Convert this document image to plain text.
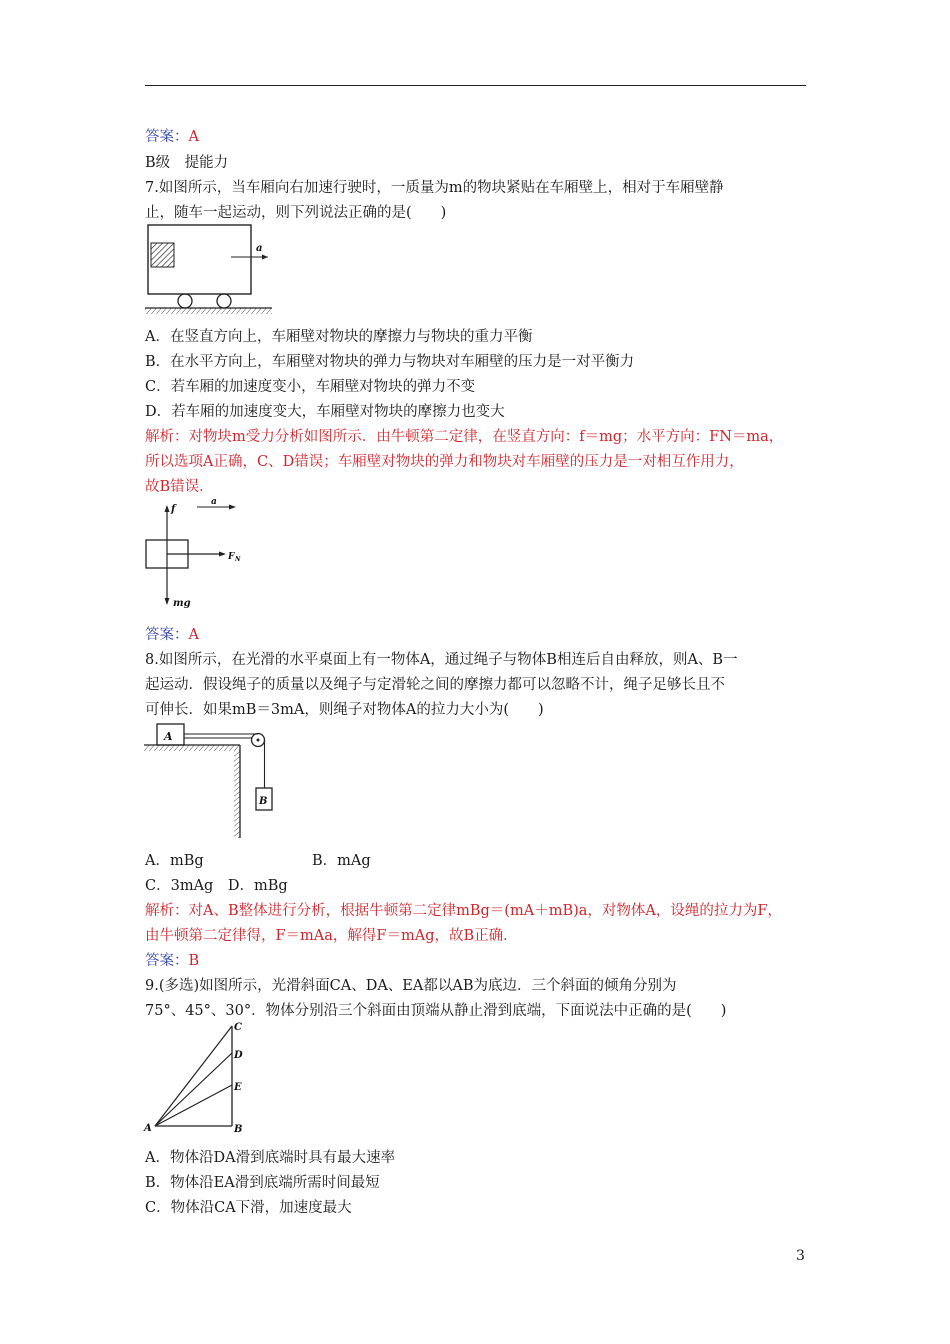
答案：A
B级　提能力
7.如图所示，当车厢向右加速行驶时，一质量为m的物块紧贴在车厢壁上，相对于车厢壁静
止，随车一起运动，则下列说法正确的是(　　)
a
A．在竖直方向上，车厢壁对物块的摩擦力与物块的重力平衡
B．在水平方向上，车厢壁对物块的弹力与物块对车厢壁的压力是一对平衡力
C．若车厢的加速度变小，车厢壁对物块的弹力不变
D．若车厢的加速度变大，车厢壁对物块的摩擦力也变大
解析：对物块m受力分析如图所示．由牛顿第二定律，在竖直方向：f＝mg；水平方向：FN＝ma，
所以选项A正确，C、D错误；车厢壁对物块的弹力和物块对车厢壁的压力是一对相互作用力，
故B错误．
f
a
F N
mg
答案：A
8.如图所示，在光滑的水平桌面上有一物体A，通过绳子与物体B相连后自由释放，则A、B一
起运动．假设绳子的质量以及绳子与定滑轮之间的摩擦力都可以忽略不计，绳子足够长且不
可伸长．如果mB＝3mA，则绳子对物体A的拉力大小为(　　)
A
B
A．mBg	B．mAg
C．3mAg　D．mBg
解析：对A、B整体进行分析，根据牛顿第二定律mBg＝(mA＋mB)a，对物体A，设绳的拉力为F，
由牛顿第二定律得，F＝mAa，解得F＝mAg，故B正确．
答案：B
9.(多选)如图所示，光滑斜面CA、DA、EA都以AB为底边．三个斜面的倾角分别为
75°、45°、30°．物体分别沿三个斜面由顶端从静止滑到底端，下面说法中正确的是(　　)
C
D
E
A	B
A．物体沿DA滑到底端时具有最大速率
B．物体沿EA滑到底端所需时间最短
C．物体沿CA下滑，加速度最大
3
